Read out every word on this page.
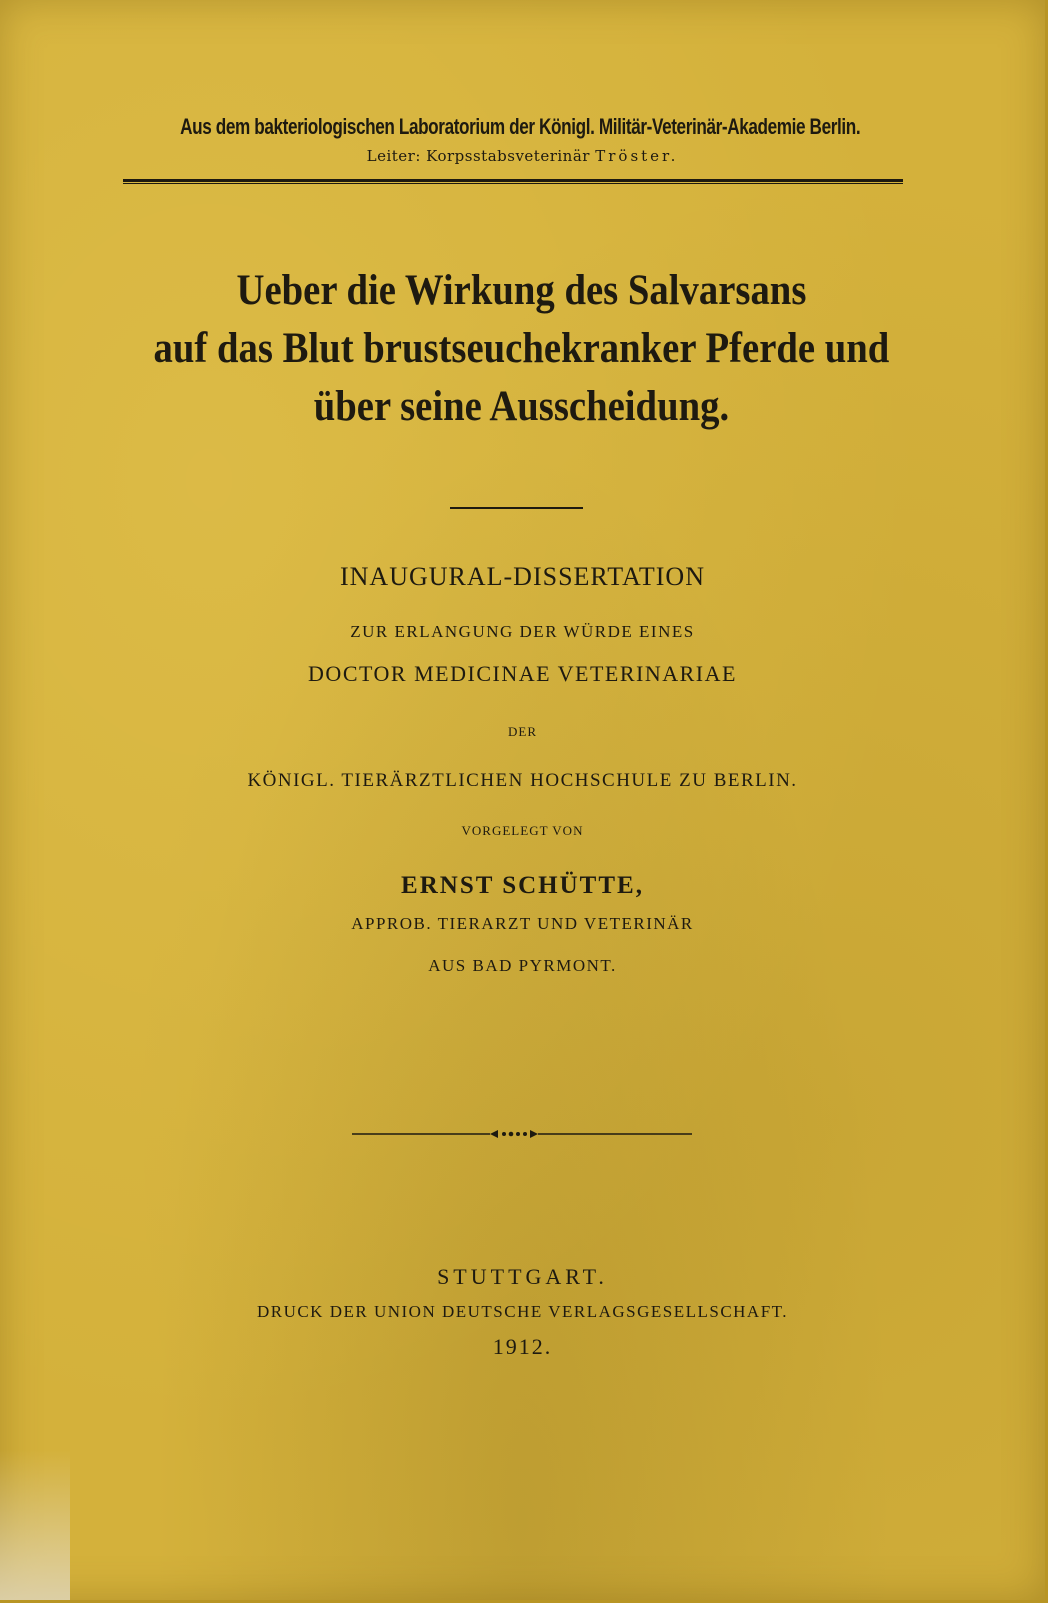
Aus dem bakteriologischen Laboratorium der Königl. Militär-Veterinär-Akademie Berlin.
Leiter: Korpsstabsveterinär Tröster.
Ueber die Wirkung des Salvarsans
auf das Blut brustseuchekranker Pferde und
über seine Ausscheidung.
INAUGURAL-DISSERTATION
ZUR ERLANGUNG DER WÜRDE EINES
DOCTOR MEDICINAE VETERINARIAE
DER
KÖNIGL. TIERÄRZTLICHEN HOCHSCHULE ZU BERLIN.
VORGELEGT VON
ERNST SCHÜTTE,
APPROB. TIERARZT UND VETERINÄR
AUS BAD PYRMONT.
STUTTGART.
DRUCK DER UNION DEUTSCHE VERLAGSGESELLSCHAFT.
1912.
